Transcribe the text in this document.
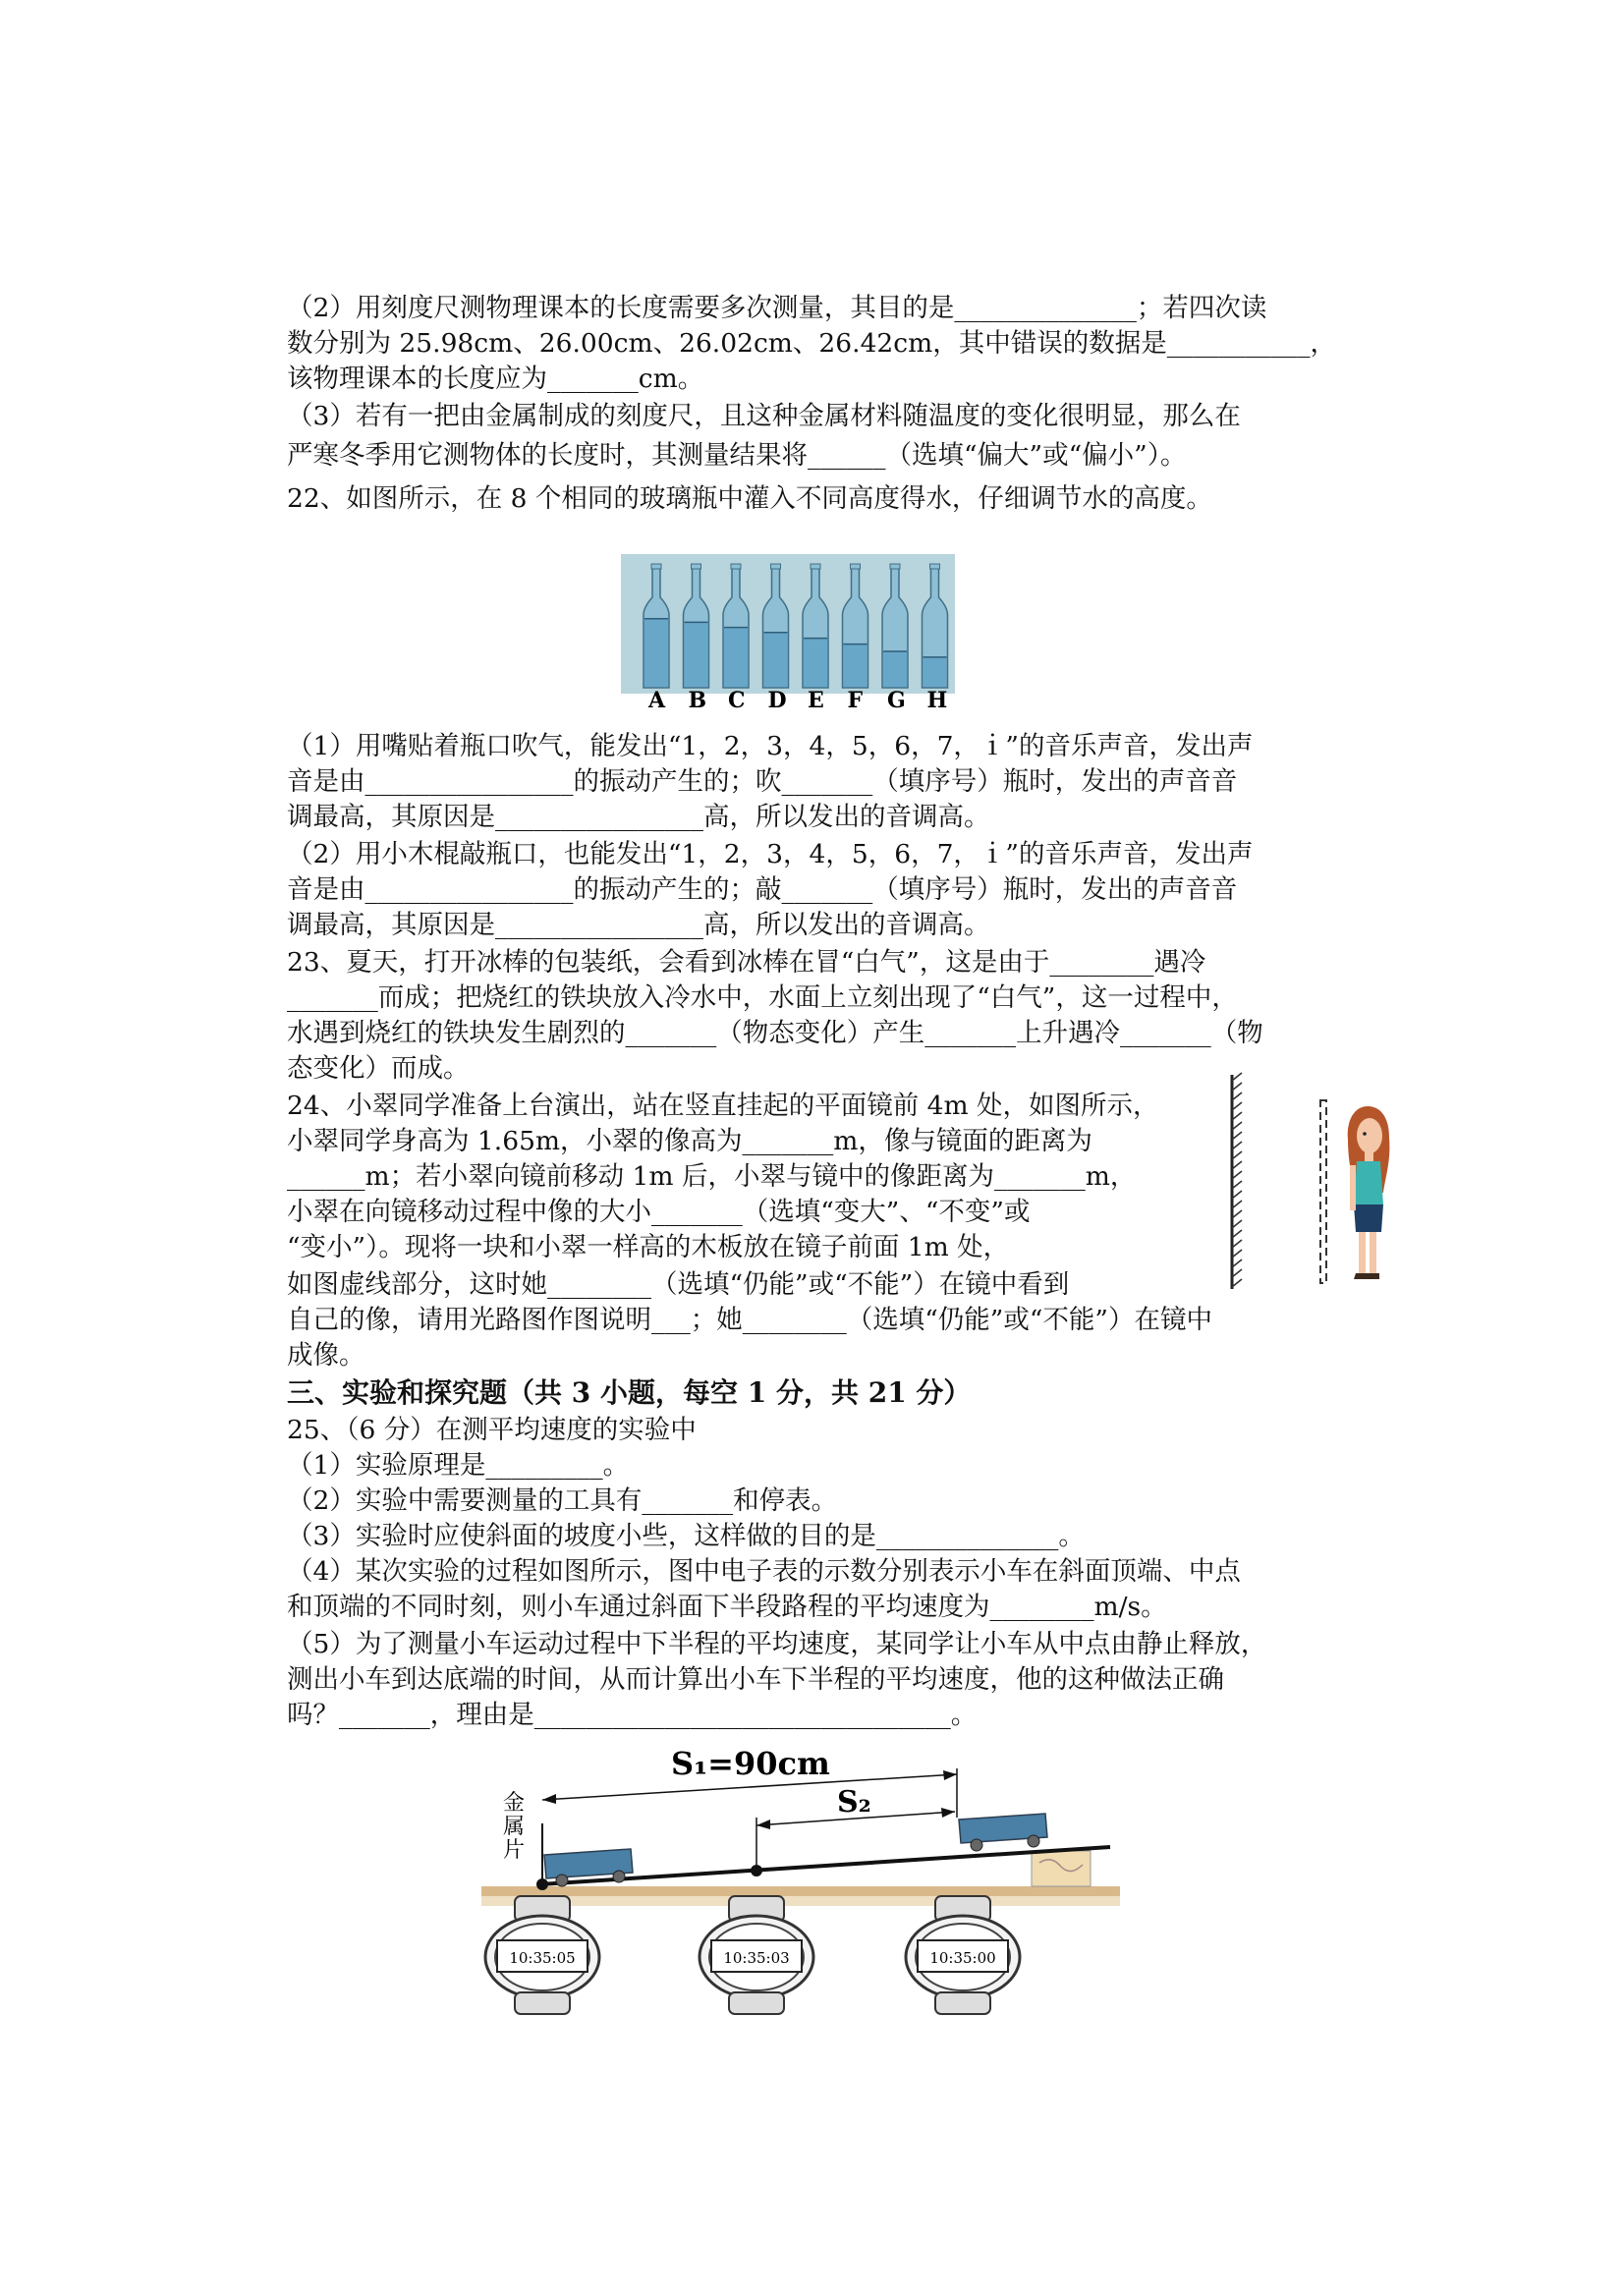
（2）用刻度尺测物理课本的长度需要多次测量，其目的是______________；若四次读
数分别为 25.98cm、26.00cm、26.02cm、26.42cm，其中错误的数据是___________，
该物理课本的长度应为_______cm。
（3）若有一把由金属制成的刻度尺，且这种金属材料随温度的变化很明显，那么在
严寒冬季用它测物体的长度时，其测量结果将______（选填“偏大”或“偏小”）。
22、如图所示，在 8 个相同的玻璃瓶中灌入不同高度得水，仔细调节水的高度。
A B C D E F G H
（1）用嘴贴着瓶口吹气，能发出“1，2，3，4，5，6，7，ｉ”的音乐声音，发出声
音是由________________的振动产生的；吹_______（填序号）瓶时，发出的声音音
调最高，其原因是________________高，所以发出的音调高。
（2）用小木棍敲瓶口，也能发出“1，2，3，4，5，6，7，ｉ”的音乐声音，发出声
音是由________________的振动产生的；敲_______（填序号）瓶时，发出的声音音
调最高，其原因是________________高，所以发出的音调高。
23、夏天，打开冰棒的包装纸，会看到冰棒在冒“白气”，这是由于________遇冷
_______而成；把烧红的铁块放入冷水中，水面上立刻出现了“白气”，这一过程中，
水遇到烧红的铁块发生剧烈的_______（物态变化）产生_______上升遇冷_______（物
态变化）而成。
24、小翠同学准备上台演出，站在竖直挂起的平面镜前 4m 处，如图所示，
小翠同学身高为 1.65m，小翠的像高为_______m，像与镜面的距离为
______m；若小翠向镜前移动 1m 后，小翠与镜中的像距离为_______m，
小翠在向镜移动过程中像的大小_______（选填“变大”、“不变”或
“变小”）。现将一块和小翠一样高的木板放在镜子前面 1m 处，
如图虚线部分，这时她________（选填“仍能”或“不能”）在镜中看到
自己的像，请用光路图作图说明___；她________（选填“仍能”或“不能”）在镜中
成像。
三、实验和探究题（共 3 小题，每空 1 分，共 21 分）
25、（6 分）在测平均速度的实验中
（1）实验原理是_________。
（2）实验中需要测量的工具有_______和停表。
（3）实验时应使斜面的坡度小些，这样做的目的是______________。
（4）某次实验的过程如图所示，图中电子表的示数分别表示小车在斜面顶端、中点
和顶端的不同时刻，则小车通过斜面下半段路程的平均速度为________m/s。
（5）为了测量小车运动过程中下半程的平均速度，某同学让小车从中点由静止释放，
测出小车到达底端的时间，从而计算出小车下半程的平均速度，他的这种做法正确
吗？_______，理由是________________________________。
金
属
片
S₁=90cm
S₂
10:35:05	10:35:03	10:35:00
